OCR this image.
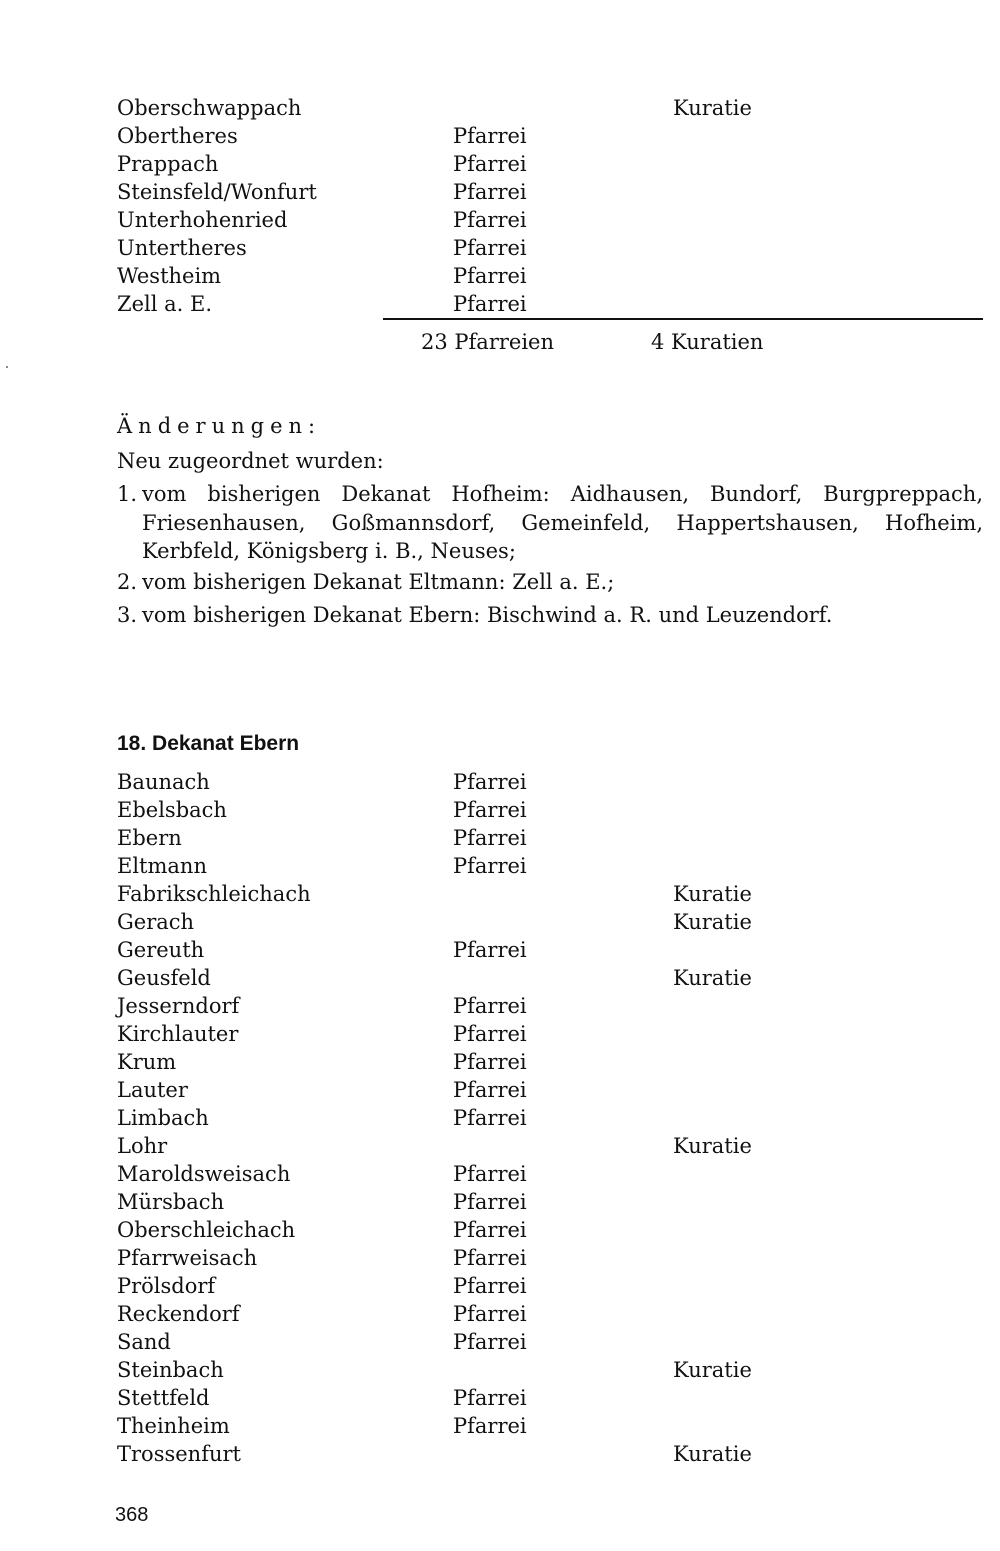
Oberschwappach	Kuratie
Obertheres	Pfarrei
Prappach	Pfarrei
Steinsfeld/Wonfurt	Pfarrei
Unterhohenried	Pfarrei
Untertheres	Pfarrei
Westheim	Pfarrei
Zell a. E.	Pfarrei
23 Pfarreien	4 Kuratien
Änderungen:
Neu zugeordnet wurden:
1. vom bisherigen Dekanat Hofheim: Aidhausen, Bundorf, Burgpreppach, Friesenhausen, Goßmannsdorf, Gemeinfeld, Happertshausen, Hofheim, Kerbfeld, Königsberg i. B., Neuses;
2. vom bisherigen Dekanat Eltmann: Zell a. E.;
3. vom bisherigen Dekanat Ebern: Bischwind a. R. und Leuzendorf.
18. Dekanat Ebern
Baunach	Pfarrei
Ebelsbach	Pfarrei
Ebern	Pfarrei
Eltmann	Pfarrei
Fabrikschleichach	Kuratie
Gerach	Kuratie
Gereuth	Pfarrei
Geusfeld	Kuratie
Jesserndorf	Pfarrei
Kirchlauter	Pfarrei
Krum	Pfarrei
Lauter	Pfarrei
Limbach	Pfarrei
Lohr	Kuratie
Maroldsweisach	Pfarrei
Mürsbach	Pfarrei
Oberschleichach	Pfarrei
Pfarrweisach	Pfarrei
Prölsdorf	Pfarrei
Reckendorf	Pfarrei
Sand	Pfarrei
Steinbach	Kuratie
Stettfeld	Pfarrei
Theinheim	Pfarrei
Trossenfurt	Kuratie
368
